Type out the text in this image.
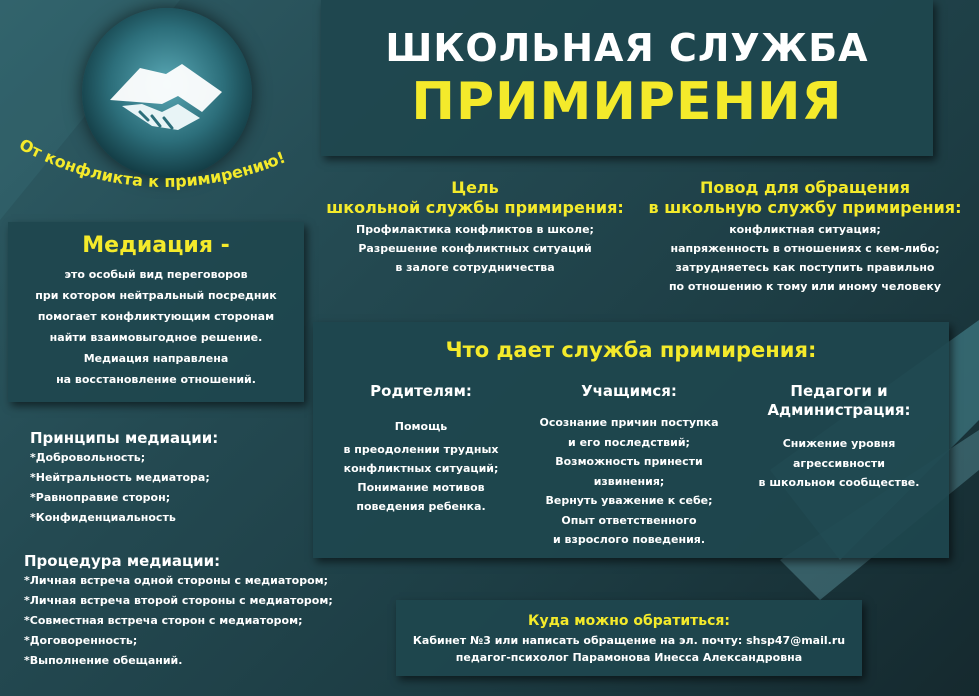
От конфликта к примирению!
ШКОЛЬНАЯ СЛУЖБА
ПРИМИРЕНИЯ
Цель
школьной службы примирения:
Профилактика конфликтов в школе;
Разрешение конфликтных ситуаций
в залоге сотрудничества
Повод для обращения
в школьную службу примирения:
конфликтная ситуация;
напряженность в отношениях с кем-либо;
затрудняетесь как поступить правильно
по отношению к тому или иному человеку
Медиация -
это особый вид переговоров
при котором нейтральный посредник
помогает конфликтующим сторонам
найти взаимовыгодное решение.
Медиация направлена
на восстановление отношений.
Что дает служба примирения:
Родителям:
Помощь
в преодолении трудных
конфликтных ситуаций;
Понимание мотивов
поведения ребенка.
Учащимся:
Осознание причин поступка
и его последствий;
Возможность принести
извинения;
Вернуть уважение к себе;
Опыт ответственного
и взрослого поведения.
Педагоги и
Администрация:
Снижение уровня
агрессивности
в школьном сообществе.
Принципы медиации:
*Добровольность;
*Нейтральность медиатора;
*Равноправие сторон;
*Конфиденциальность
Процедура медиации:
*Личная встреча одной стороны с медиатором;
*Личная встреча второй стороны с медиатором;
*Совместная встреча сторон с медиатором;
*Договоренность;
*Выполнение обещаний.
Куда можно обратиться:
Кабинет №3 или написать обращение на эл. почту: shsp47@mail.ru
педагог-психолог Парамонова Инесса Александровна
